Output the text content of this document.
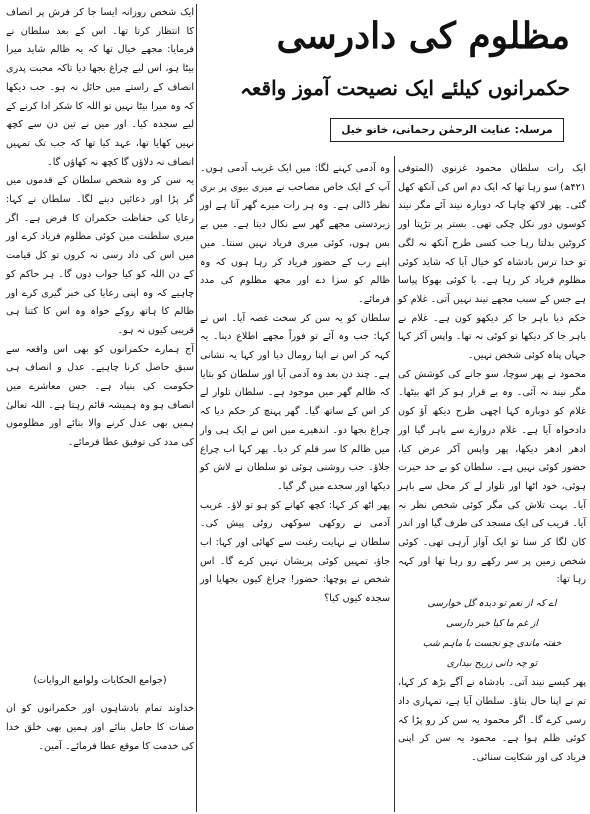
مظلوم کی دادرسی
حکمرانوں کیلئے ایک نصیحت آموز واقعہ
مرسلہ: عنایت الرحمٰن رحمانی، خانو خیل

ایک رات سلطان محمود غزنوی (المتوفی ۴۲۱ھ) سو رہا تھا کہ ایک دم اس کی آنکھ کھل گئی۔ پھر لاکھ چاہا کہ دوبارہ نیند آئے مگر نیند کوسوں دور نکل چکی تھی۔ بستر پر تڑپتا اور کروٹیں بدلتا رہا جب کسی طرح آنکھ نہ لگی تو خدا ترس بادشاہ کو خیال آیا کہ شاید کوئی مظلوم فریاد کر رہا ہے۔ یا کوئی بھوکا پیاسا ہے جس کے سبب مجھے نیند نہیں آتی۔ غلام کو حکم دیا باہر جا کر دیکھو کون ہے۔ غلام نے باہر جا کر دیکھا تو کوئی نہ تھا۔ واپس آکر کہا جہاں پناہ کوئی شخص نہیں۔

محمود نے پھر سوچا، سو جانے کی کوشش کی مگر نیند نہ آئی۔ وہ بے قرار ہو کر اٹھ بیٹھا۔ غلام کو دوبارہ کہا اچھی طرح دیکھ آؤ کون دادخواہ آیا ہے۔ غلام دروازے سے باہر گیا اور ادھر ادھر دیکھا، پھر واپس آکر عرض کیا، حضور کوئی نہیں ہے۔ سلطان کو بے حد حیرت ہوئی، خود اٹھا اور تلوار لے کر محل سے باہر آیا۔ بہت تلاش کی مگر کوئی شخص نظر نہ آیا۔ قریب کی ایک مسجد کی طرف گیا اور اندر کان لگا کر سنا تو ایک آواز آرہی تھی۔ کوئی شخص زمین پر سر رکھے رو رہا تھا اور کہہ رہا تھا:

اے کہ از نعم تو دیدہ گل خوارسی
از غم ما کیا خبر دارسی
خفتہ ماندی چو نجست با ماہم شب
تو چہ دانی زریح بیداری

پھر کیسے نیند آتی۔ بادشاہ نے آگے بڑھ کر کہا، تم نے اپنا حال بتاؤ۔ سلطان آیا ہے، تمہاری داد رسی کرے گا۔ اگر محمود یہ سن کر رو پڑا کہ کوئی ظلم ہوا ہے۔ محمود یہ سن کر اپنی فریاد کی اور شکایت سنائی۔

وہ آدمی کہنے لگا: میں ایک غریب آدمی ہوں۔ آپ کے ایک خاص مصاحب نے میری بیوی پر بری نظر ڈالی ہے۔ وہ ہر رات میرے گھر آتا ہے اور زبردستی مجھے گھر سے نکال دیتا ہے۔ میں بے بس ہوں، کوئی میری فریاد نہیں سنتا۔ میں اپنے رب کے حضور فریاد کر رہا ہوں کہ وہ ظالم کو سزا دے اور مجھ مظلوم کی مدد فرمائے۔

سلطان کو یہ سن کر سخت غصہ آیا۔ اس نے کہا: جب وہ آئے تو فوراً مجھے اطلاع دینا۔ یہ کہہ کر اس نے اپنا رومال دیا اور کہا یہ نشانی ہے۔ چند دن بعد وہ آدمی آیا اور سلطان کو بتایا کہ ظالم گھر میں موجود ہے۔ سلطان تلوار لے کر اس کے ساتھ گیا۔ گھر پہنچ کر حکم دیا کہ چراغ بجھا دو۔ اندھیرے میں اس نے ایک ہی وار میں ظالم کا سر قلم کر دیا۔ پھر کہا اب چراغ جلاؤ۔ جب روشنی ہوئی تو سلطان نے لاش کو دیکھا اور سجدے میں گر گیا۔

پھر اٹھ کر کہا: کچھ کھانے کو ہو تو لاؤ۔ غریب آدمی نے روکھی سوکھی روٹی پیش کی۔ سلطان نے نہایت رغبت سے کھائی اور کہا: اب جاؤ، تمہیں کوئی پریشان نہیں کرے گا۔ اس شخص نے پوچھا: حضور! چراغ کیوں بجھایا اور سجدہ کیوں کیا؟

ایک شخص روزانہ ایسا جا کر فرش پر انصاف کا انتظار کرتا تھا۔ اس کے بعد سلطان نے فرمایا: مجھے خیال تھا کہ یہ ظالم شاید میرا بیٹا ہو، اس لیے چراغ بجھا دیا تاکہ محبت پدری انصاف کے راستے میں حائل نہ ہو۔ جب دیکھا کہ وہ میرا بیٹا نہیں تو اللہ کا شکر ادا کرنے کے لیے سجدہ کیا۔ اور میں نے تین دن سے کچھ نہیں کھایا تھا، عہد کیا تھا کہ جب تک تمہیں انصاف نہ دلاؤں گا کچھ نہ کھاؤں گا۔

یہ سن کر وہ شخص سلطان کے قدموں میں گر پڑا اور دعائیں دینے لگا۔ سلطان نے کہا: رعایا کی حفاظت حکمران کا فرض ہے۔ اگر میری سلطنت میں کوئی مظلوم فریاد کرے اور میں اس کی داد رسی نہ کروں تو کل قیامت کے دن اللہ کو کیا جواب دوں گا۔ ہر حاکم کو چاہیے کہ وہ اپنی رعایا کی خبر گیری کرے اور ظالم کا ہاتھ روکے خواہ وہ اس کا کتنا ہی قریبی کیوں نہ ہو۔

آج ہمارے حکمرانوں کو بھی اس واقعہ سے سبق حاصل کرنا چاہیے۔ عدل و انصاف ہی حکومت کی بنیاد ہے۔ جس معاشرے میں انصاف ہو وہ ہمیشہ قائم رہتا ہے۔ اللہ تعالیٰ ہمیں بھی عدل کرنے والا بنائے اور مظلوموں کی مدد کی توفیق عطا فرمائے۔

(جوامع الحکایات ولوامع الروایات)

خداوند تمام بادشاہوں اور حکمرانوں کو ان صفات کا حامل بنائے اور ہمیں بھی خلق خدا کی خدمت کا موقع عطا فرمائے۔ آمین۔
